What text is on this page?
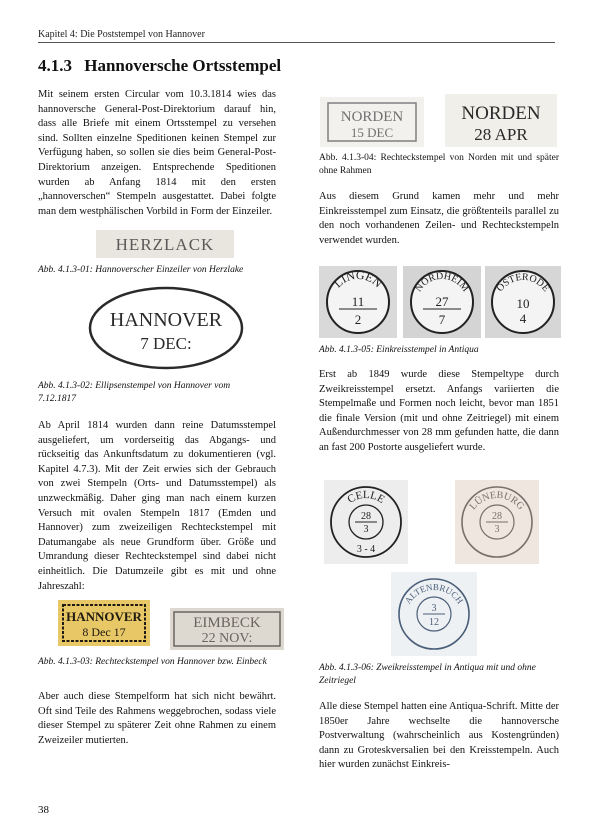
Kapitel 4: Die Poststempel von Hannover
4.1.3 Hannoversche Ortsstempel

Mit seinem ersten Circular vom 10.3.1814 wies das hannoversche General-Post-Direktorium darauf hin, dass alle Briefe mit einem Ortsstempel zu versehen sind. Sollten einzelne Speditionen keinen Stempel zur Verfügung haben, so sollen sie dies beim General-Post-Direktorium anzeigen. Entsprechende Speditionen wurden ab Anfang 1814 mit den ersten „hannoverschen“ Stempeln ausgestattet. Dabei folgte man dem westphälischen Vorbild in Form der Einzeiler.

HERZLACK
Abb. 4.1.3-01: Hannoverscher Einzeiler von Herzlake
HANNOVER
7 DEC:
Abb. 4.1.3-02: Ellipsenstempel von Hannover vom 7.12.1817

Ab April 1814 wurden dann reine Datumsstempel ausgeliefert, um vorderseitig das Abgangs- und rückseitig das Ankunftsdatum zu dokumentieren (vgl. Kapitel 4.7.3). Mit der Zeit erwies sich der Gebrauch von zwei Stempeln (Orts- und Datumsstempel) als unzweckmäßig. Daher ging man nach einem kurzen Versuch mit ovalen Stempeln 1817 (Emden und Hannover) zum zweizeiligen Rechteckstempel mit Datumangabe als neue Grundform über. Größe und Umrandung dieser Rechteckstempel sind dabei nicht einheitlich. Die Datumzeile gibt es mit und ohne Jahreszahl:

HANNOVER
8 Dec 17
EIMBECK
22 NOV:
Abb. 4.1.3-03: Rechteckstempel von Hannover bzw. Einbeck

Aber auch diese Stempelform hat sich nicht bewährt. Oft sind Teile des Rahmens weggebrochen, sodass viele dieser Stempel zu späterer Zeit ohne Rahmen zu einem Zweizeiler mutierten.

NORDEN
15 DEC
NORDEN
28 APR
Abb. 4.1.3-04: Rechteckstempel von Norden mit und später ohne Rahmen

Aus diesem Grund kamen mehr und mehr Einkreisstempel zum Einsatz, die größtenteils parallel zu den noch vorhandenen Zeilen- und Rechteckstempeln verwendet wurden.

LINGEN
11
2
NORDHEIM
27
7
OSTERODE
10
4
Abb. 4.1.3-05: Einkreisstempel in Antiqua

Erst ab 1849 wurde diese Stempeltype durch Zweikreisstempel ersetzt. Anfangs variierten die Stempelmaße und Formen noch leicht, bevor man 1851 die finale Version (mit und ohne Zeitriegel) mit einem Außendurchmesser von 28 mm gefunden hatte, die dann an fast 200 Postorte ausgeliefert wurde.

CELLE
28
3
3 - 4
LÜNEBURG
28
3
ALTENBRUCH
3
12
Abb. 4.1.3-06: Zweikreisstempel in Antiqua mit und ohne Zeitriegel

Alle diese Stempel hatten eine Antiqua-Schrift. Mitte der 1850er Jahre wechselte die hannoversche Postverwaltung (wahrscheinlich aus Kostengründen) dann zu Groteskversalien bei den Kreisstempeln. Auch hier wurden zunächst Einkreis-

38
